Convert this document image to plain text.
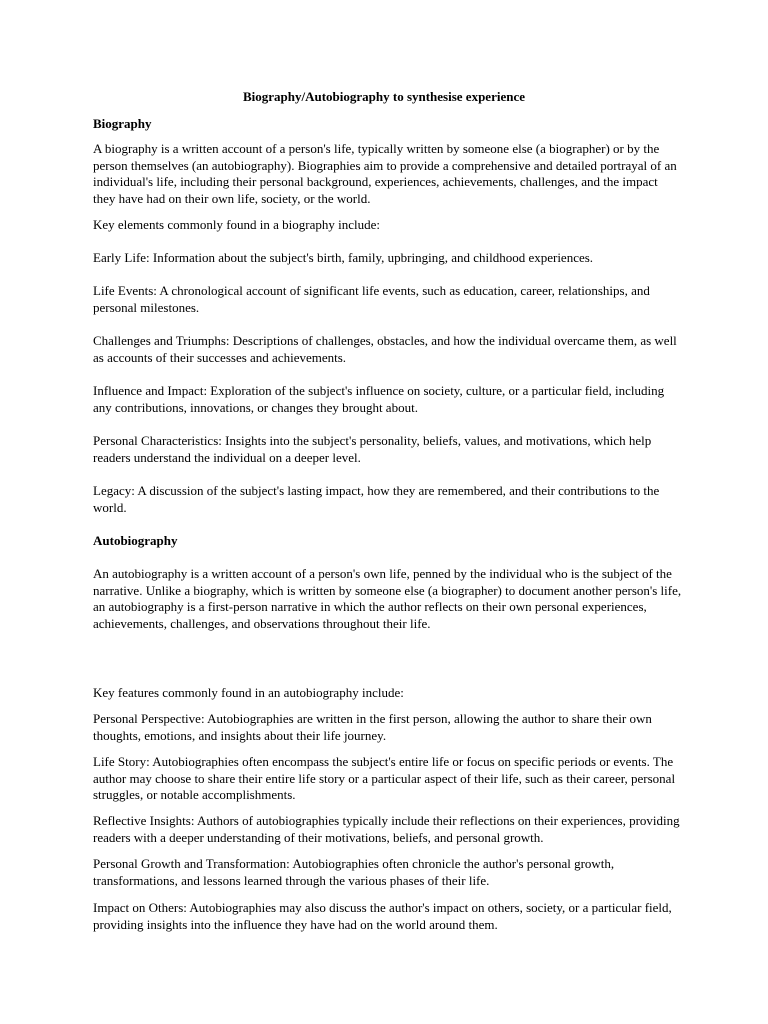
Biography/Autobiography to synthesise experience

Biography

A biography is a written account of a person's life, typically written by someone else (a biographer) or by the person themselves (an autobiography). Biographies aim to provide a comprehensive and detailed portrayal of an individual's life, including their personal background, experiences, achievements, challenges, and the impact they have had on their own life, society, or the world.

Key elements commonly found in a biography include:

Early Life: Information about the subject's birth, family, upbringing, and childhood experiences.

Life Events: A chronological account of significant life events, such as education, career, relationships, and personal milestones.

Challenges and Triumphs: Descriptions of challenges, obstacles, and how the individual overcame them, as well as accounts of their successes and achievements.

Influence and Impact: Exploration of the subject's influence on society, culture, or a particular field, including any contributions, innovations, or changes they brought about.

Personal Characteristics: Insights into the subject's personality, beliefs, values, and motivations, which help readers understand the individual on a deeper level.

Legacy: A discussion of the subject's lasting impact, how they are remembered, and their contributions to the world.

Autobiography

An autobiography is a written account of a person's own life, penned by the individual who is the subject of the narrative. Unlike a biography, which is written by someone else (a biographer) to document another person's life, an autobiography is a first-person narrative in which the author reflects on their own personal experiences, achievements, challenges, and observations throughout their life.

Key features commonly found in an autobiography include:

Personal Perspective: Autobiographies are written in the first person, allowing the author to share their own thoughts, emotions, and insights about their life journey.

Life Story: Autobiographies often encompass the subject's entire life or focus on specific periods or events. The author may choose to share their entire life story or a particular aspect of their life, such as their career, personal struggles, or notable accomplishments.

Reflective Insights: Authors of autobiographies typically include their reflections on their experiences, providing readers with a deeper understanding of their motivations, beliefs, and personal growth.

Personal Growth and Transformation: Autobiographies often chronicle the author's personal growth, transformations, and lessons learned through the various phases of their life.

Impact on Others: Autobiographies may also discuss the author's impact on others, society, or a particular field, providing insights into the influence they have had on the world around them.
